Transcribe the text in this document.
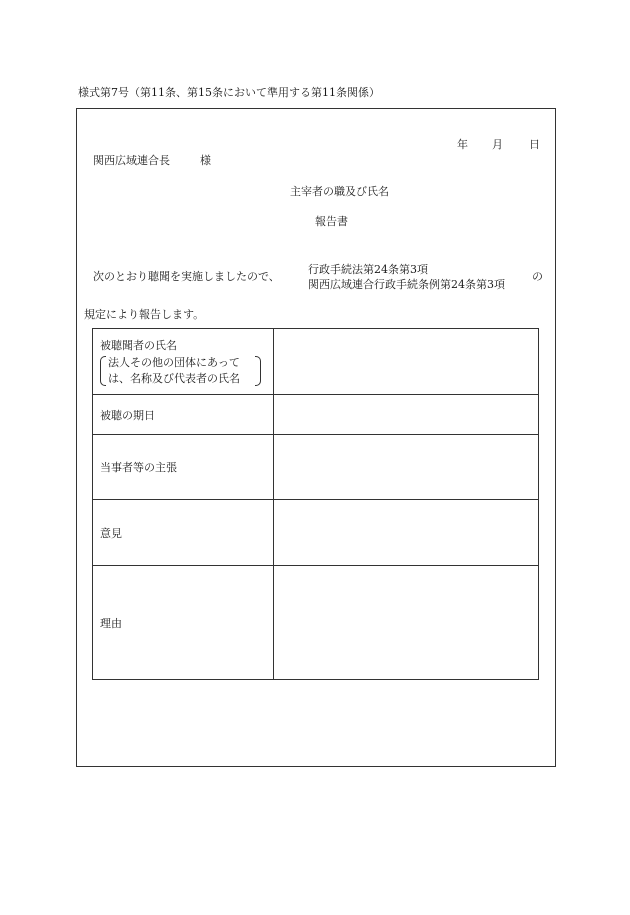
様式第7号（第11条、第15条において準用する第11条関係）
年 月 日
関西広域連合長	様
主宰者の職及び氏名
報告書
次のとおり聴聞を実施しましたので、
行政手続法第24条第3項
関西広域連合行政手続条例第24条第3項
の
規定により報告します。
被聴聞者の氏名
法人その他の団体にあって
は、名称及び代表者の氏名	

被聴の期日	
当事者等の主張	
意見	
理由	
